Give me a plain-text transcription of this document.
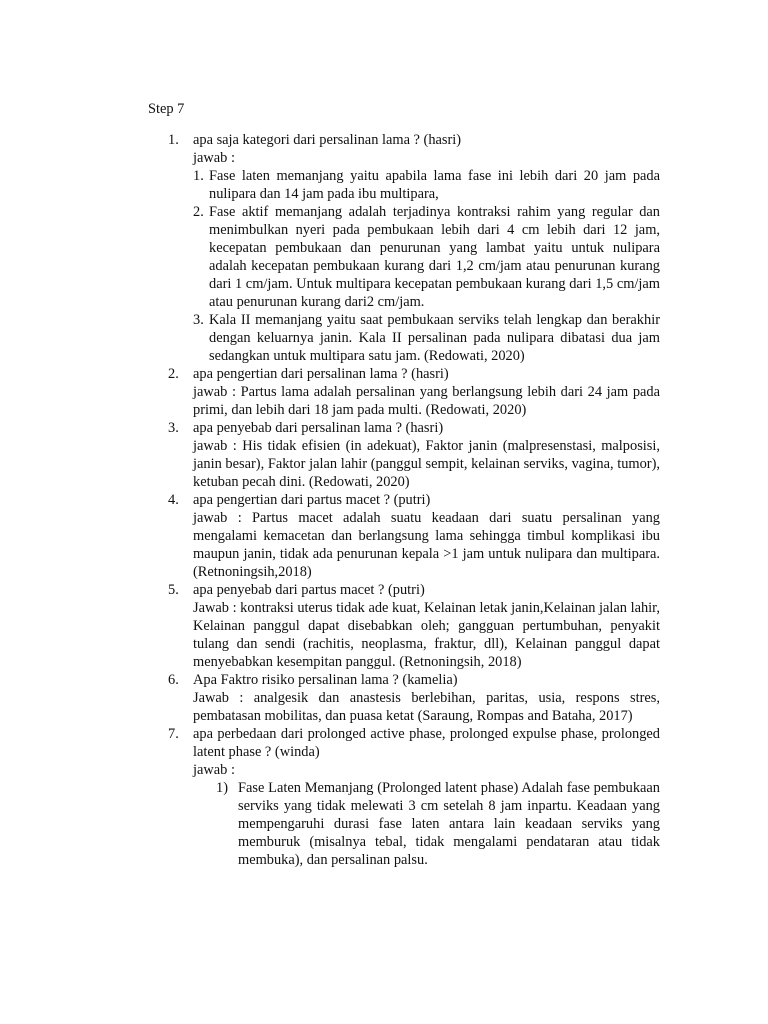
Step 7
1. apa saja kategori dari persalinan lama ? (hasri)
jawab :
1. Fase laten memanjang yaitu apabila lama fase ini lebih dari 20 jam pada nulipara dan 14 jam pada ibu multipara,
2. Fase aktif memanjang adalah terjadinya kontraksi rahim yang regular dan menimbulkan nyeri pada pembukaan lebih dari 4 cm lebih dari 12 jam, kecepatan pembukaan dan penurunan yang lambat yaitu untuk nulipara adalah kecepatan pembukaan kurang dari 1,2 cm/jam atau penurunan kurang dari 1 cm/jam. Untuk multipara kecepatan pembukaan kurang dari 1,5 cm/jam atau penurunan kurang dari2 cm/jam.
3. Kala II memanjang yaitu saat pembukaan serviks telah lengkap dan berakhir dengan keluarnya janin. Kala II persalinan pada nulipara dibatasi dua jam sedangkan untuk multipara satu jam. (Redowati, 2020)
2. apa pengertian dari persalinan lama ? (hasri)
jawab : Partus lama adalah persalinan yang berlangsung lebih dari 24 jam pada primi, dan lebih dari 18 jam pada multi. (Redowati, 2020)
3. apa penyebab dari persalinan lama ? (hasri)
jawab : His tidak efisien (in adekuat), Faktor janin (malpresenstasi, malposisi, janin besar), Faktor jalan lahir (panggul sempit, kelainan serviks, vagina, tumor), ketuban pecah dini. (Redowati, 2020)
4. apa pengertian dari partus macet ? (putri)
jawab : Partus macet adalah suatu keadaan dari suatu persalinan yang mengalami kemacetan dan berlangsung lama sehingga timbul komplikasi ibu maupun janin, tidak ada penurunan kepala >1 jam untuk nulipara dan multipara. (Retnoningsih,2018)
5. apa penyebab dari partus macet ? (putri)
Jawab : kontraksi uterus tidak ade kuat, Kelainan letak janin,Kelainan jalan lahir, Kelainan panggul dapat disebabkan oleh; gangguan pertumbuhan, penyakit tulang dan sendi (rachitis, neoplasma, fraktur, dll), Kelainan panggul dapat menyebabkan kesempitan panggul. (Retnoningsih, 2018)
6. Apa Faktro risiko persalinan lama ? (kamelia)
Jawab : analgesik dan anastesis berlebihan, paritas, usia, respons stres, pembatasan mobilitas, dan puasa ketat (Saraung, Rompas and Bataha, 2017)
7. apa perbedaan dari prolonged active phase, prolonged expulse phase, prolonged latent phase ? (winda)
jawab :
1) Fase Laten Memanjang (Prolonged latent phase) Adalah fase pembukaan serviks yang tidak melewati 3 cm setelah 8 jam inpartu. Keadaan yang mempengaruhi durasi fase laten antara lain keadaan serviks yang memburuk (misalnya tebal, tidak mengalami pendataran atau tidak membuka), dan persalinan palsu.
